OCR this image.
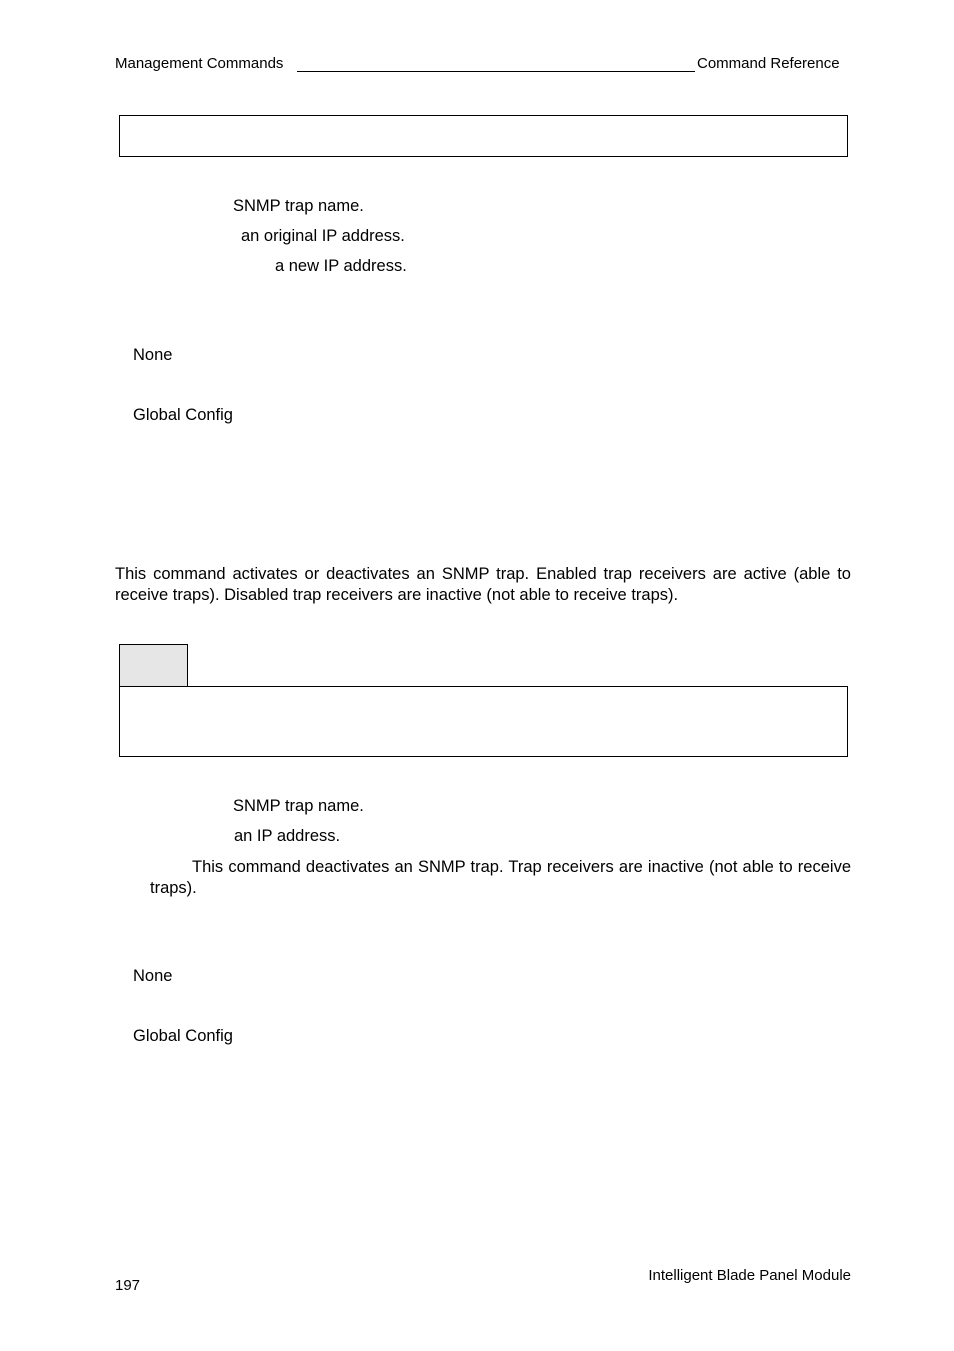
Management Commands	Command Reference
SNMP trap name.
an original IP address.
a new IP address.
None
Global Config
This command activates or deactivates an SNMP trap. Enabled trap receivers are active (able to receive traps). Disabled trap receivers are inactive (not able to receive traps).
SNMP trap name.
an IP address.
This command deactivates an SNMP trap. Trap receivers are inactive (not able to receive traps).
None
Global Config
197
Intelligent Blade Panel Module
